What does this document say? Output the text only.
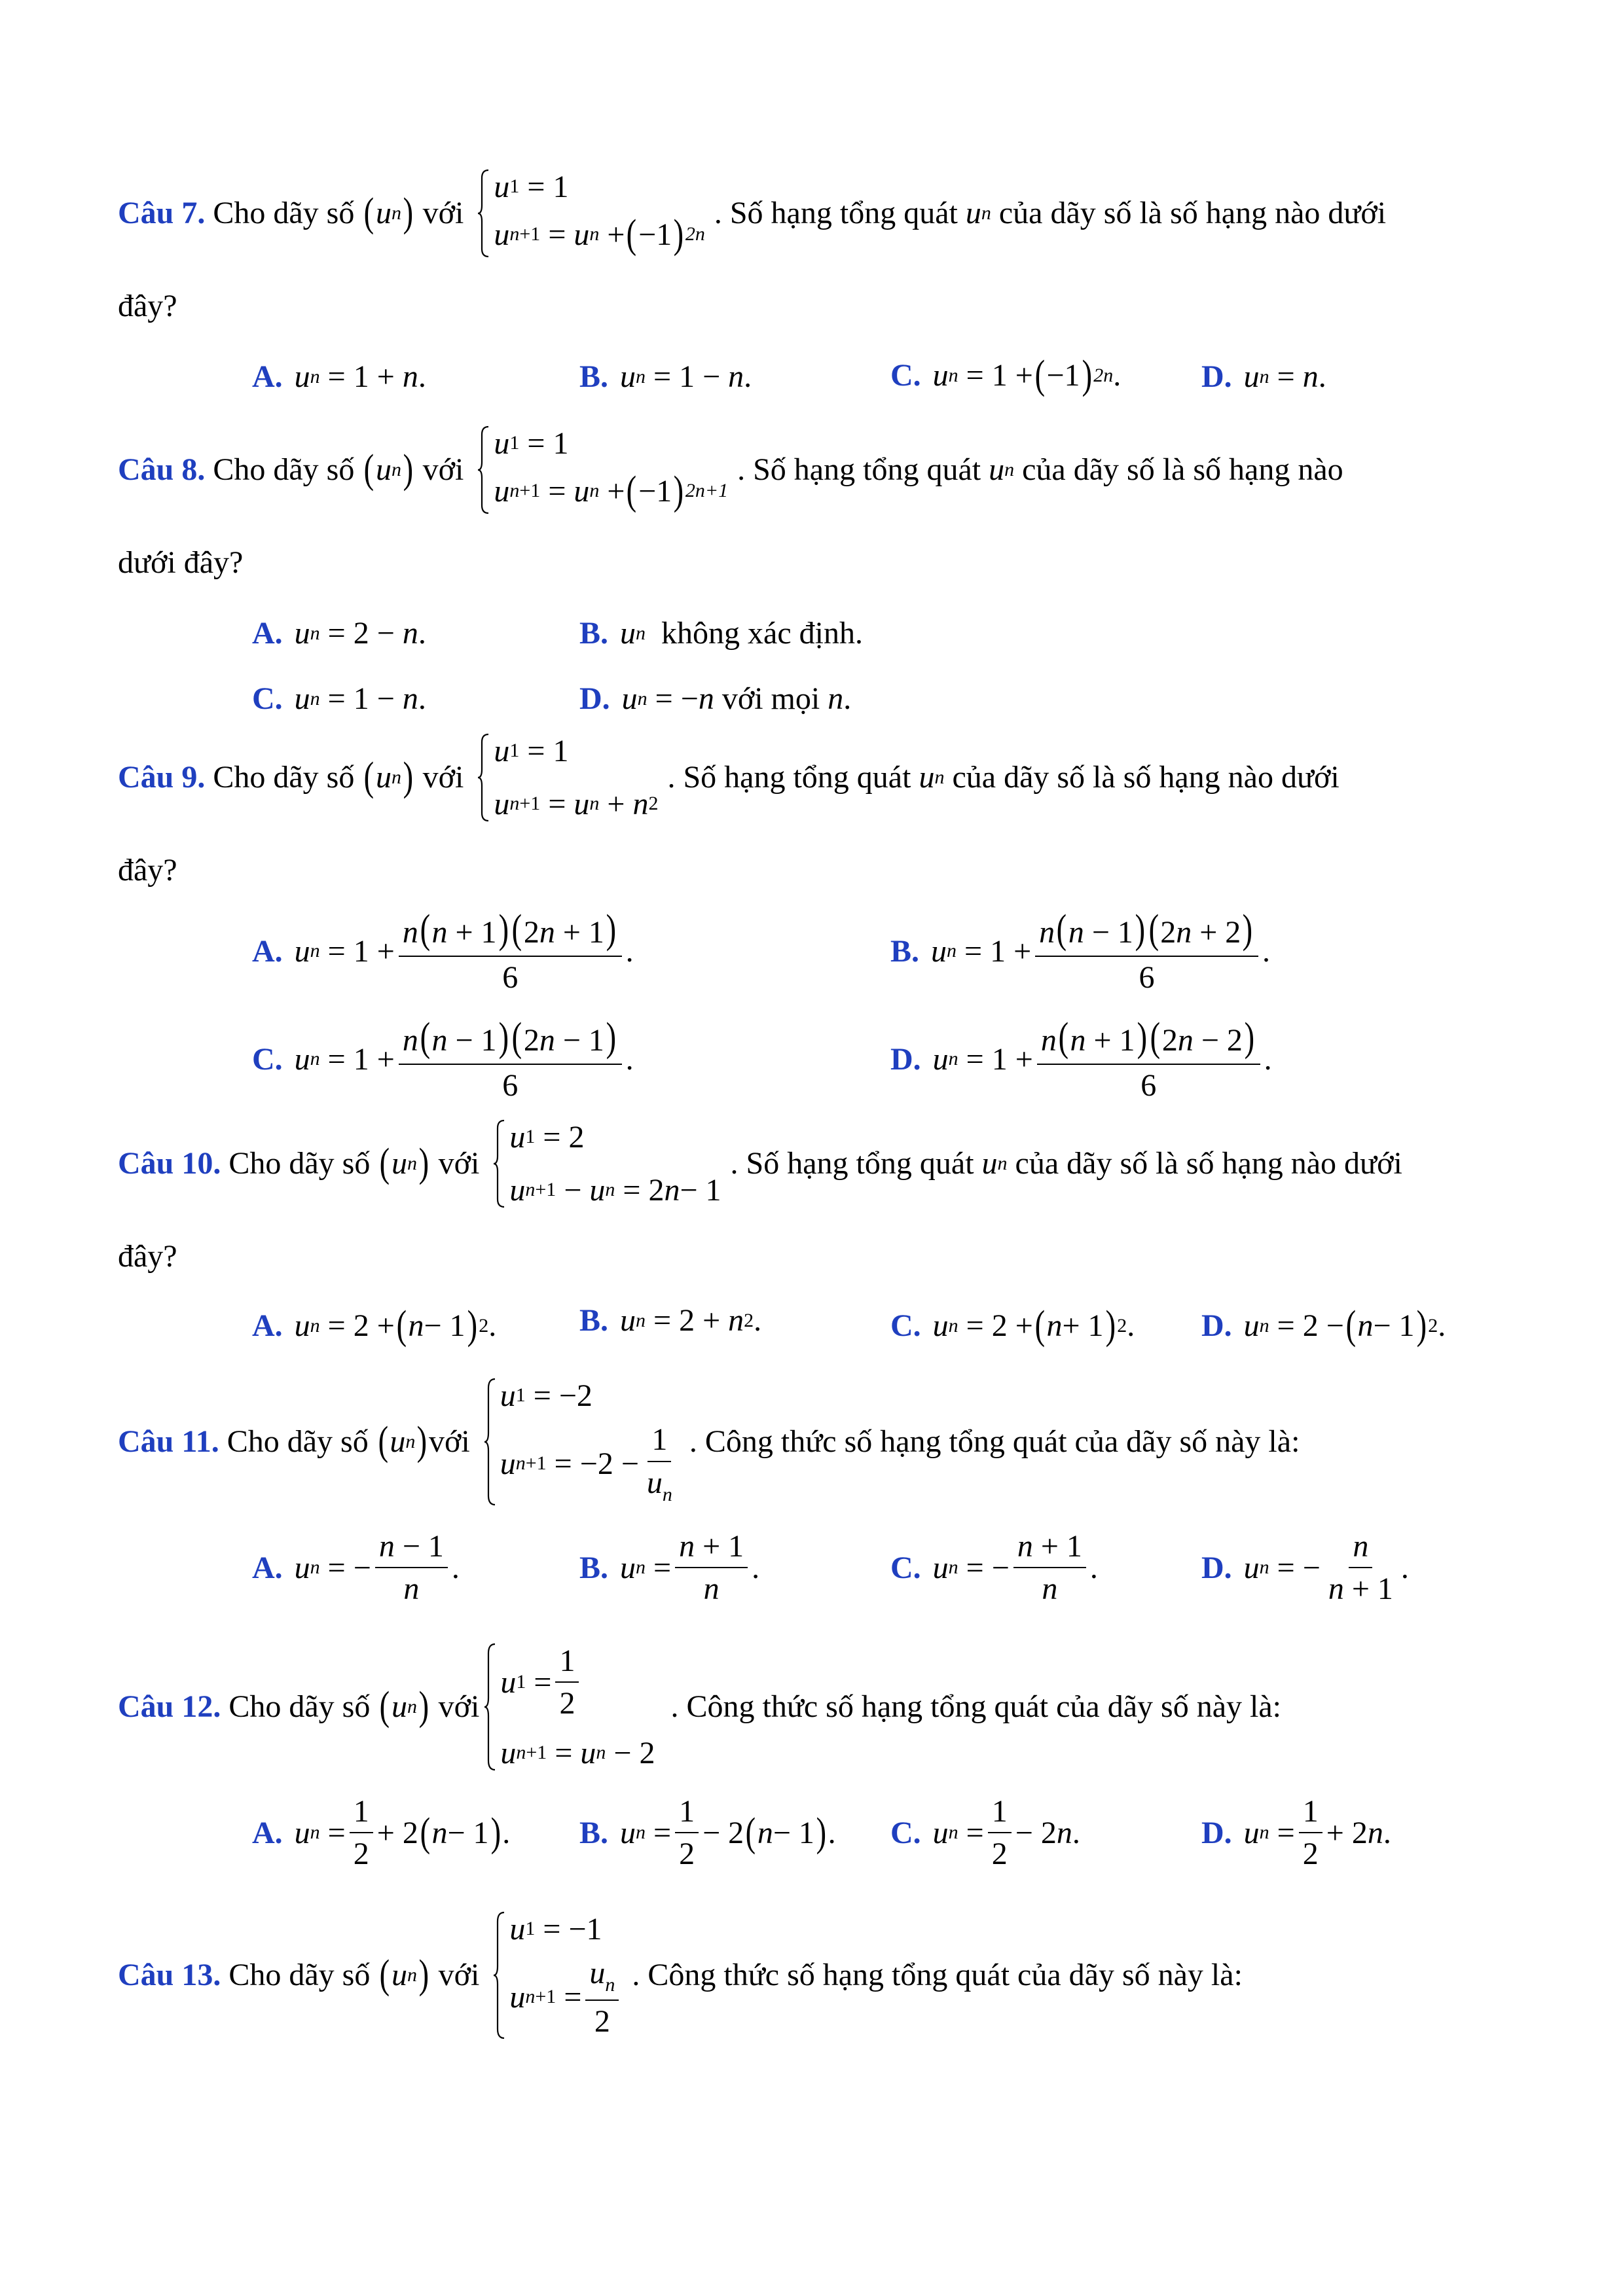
Câu 7. Cho dãy số
( u n )
với
u 1 = 1
u n +1 = u n + ( −1 ) 2n
. Số hạng tổng quát
u n
của dãy số là số hạng nào dưới
đây?
A. u n = 1 + n .	B. u n = 1 − n .	C. u n = 1 + ( −1 ) 2n .	D. u n = n .
Câu 8. Cho dãy số
( u n )
với
u 1 = 1
u n +1 = u n + ( −1 ) 2n+1
. Số hạng tổng quát
u n
của dãy số là số hạng nào
dưới đây?
A. u n = 2 − n .	B. u n
không xác định.
C. u n = 1 − n .	D. u n = − n
với mọi
n .
Câu 9. Cho dãy số
( u n )
với
u 1 = 1
u n +1 = u n + n 2
. Số hạng tổng quát
u n
của dãy số là số hạng nào dưới
đây?
A. u $n = 1 + \frac{n(n + 1)(2n + 1)}{6}$ .	B. u $n = 1 + \frac{n(n - 1)(2n + 2)}{6}$ .
C. u $n = 1 + \frac{n(n - 1)(2n - 1)}{6}$ .	D. u $n = 1 + \frac{n(n + 1)(2n - 2)}{6}$ .
Câu 10. Cho dãy số
( u n )
với
u 1 = 2
u n +1 − u n = 2 n − 1
. Số hạng tổng quát
u n
của dãy số là số hạng nào dưới
đây?
A. u n = 2 + ( n − 1 ) 2 .	B. u n = 2 + n 2 .	C. u n = 2 + ( n + 1 ) 2 . D. u n = 2 − ( n − 1 ) 2 .
Câu 11. Cho dãy số
( u n ) với
u 1 = −2
u $n +1 = -2 - \frac{1}{u_n}$ . Công thức số hạng tổng quát của dãy số này là:
A. u n = − $\frac{n - 1}{n}$ .	B. u $n = \frac{n + 1}{n}$ .	C. u n = − $\frac{n + 1}{n}$ .	D. u n = − $\frac{n}{n + 1}$ .
Câu 12. Cho dãy số
( u n )
với
u $1 = \frac{1}{2}$
u n +1 = u n − 2
. Công thức số hạng tổng quát của dãy số này là:
A. u $n = \frac{1}{2} + 2$ ( n − 1 ) . B. u $n = \frac{1}{2} - 2$ ( n − 1 ) . C. u $n = \frac{1}{2} - 2$ n .	D. u $n = \frac{1}{2} + 2$ n .
Câu 13. Cho dãy số
( u n )
với
u 1 = −1
u $n +1 = \frac{u_n}{2}$ . Công thức số hạng tổng quát của dãy số này là:
